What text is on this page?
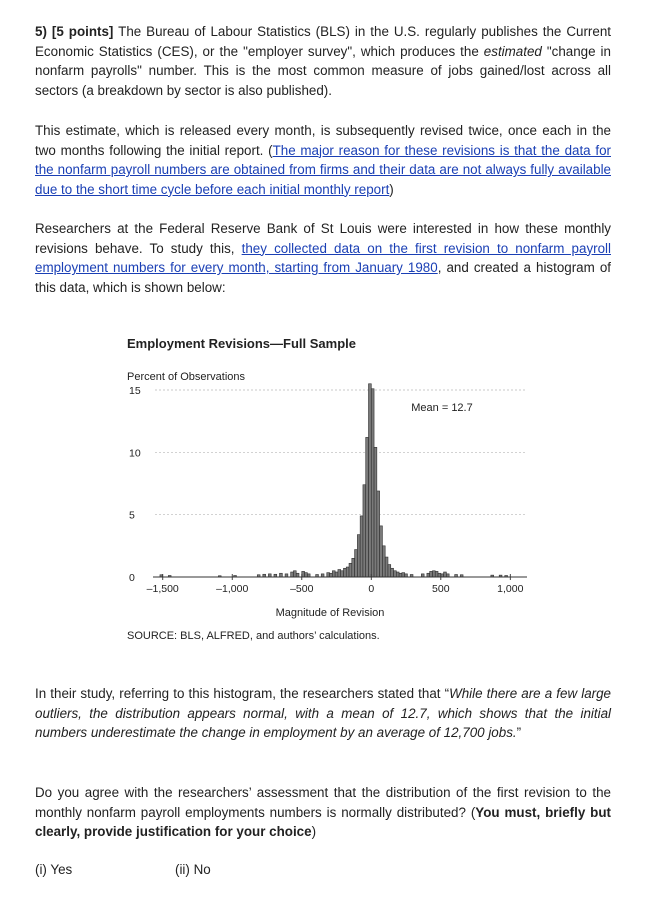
5) [5 points] The Bureau of Labour Statistics (BLS) in the U.S. regularly publishes the Current Economic Statistics (CES), or the "employer survey", which produces the estimated "change in nonfarm payrolls" number. This is the most common measure of jobs gained/lost across all sectors (a breakdown by sector is also published).

This estimate, which is released every month, is subsequently revised twice, once each in the two months following the initial report. (The major reason for these revisions is that the data for the nonfarm payroll numbers are obtained from firms and their data are not always fully available due to the short time cycle before each initial monthly report)

Researchers at the Federal Reserve Bank of St Louis were interested in how these monthly revisions behave. To study this, they collected data on the first revision to nonfarm payroll employment numbers for every month, starting from January 1980, and created a histogram of this data, which is shown below:

Employment Revisions—Full Sample
Percent of Observations
–1,500	–1,000	–500	0	500	1,000
0
5
10
15
Mean = 12.7
Magnitude of Revision
SOURCE: BLS, ALFRED, and authors’ calculations.

In their study, referring to this histogram, the researchers stated that “While there are a few large outliers, the distribution appears normal, with a mean of 12.7, which shows that the initial numbers underestimate the change in employment by an average of 12,700 jobs.”

Do you agree with the researchers’ assessment that the distribution of the first revision to the monthly nonfarm payroll employments numbers is normally distributed? (You must, briefly but clearly, provide justification for your choice)

(i) Yes	(ii) No
